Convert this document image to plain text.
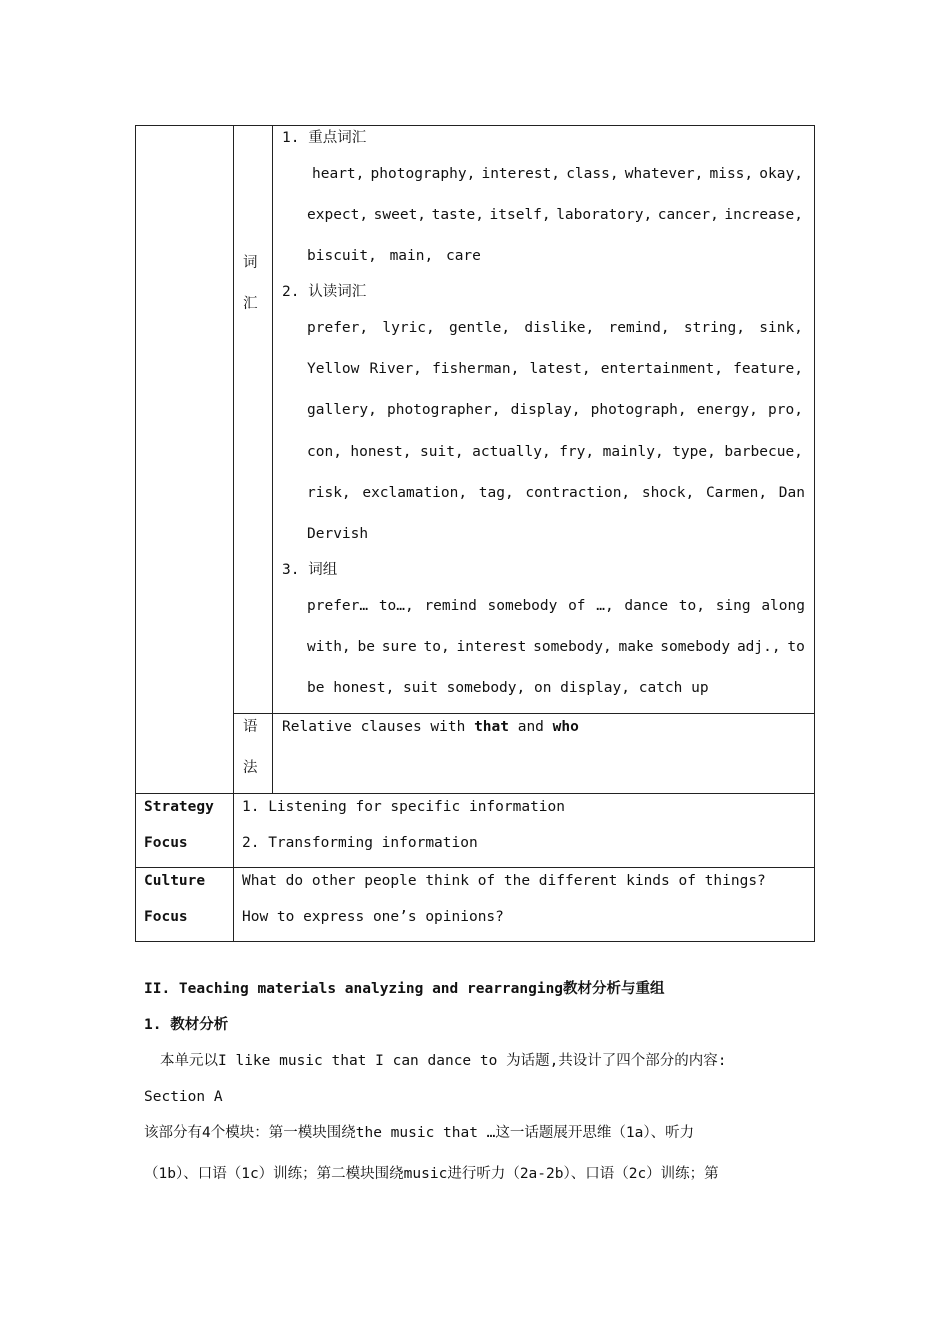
词
汇
1. 重点词汇
heart, photography, interest, class, whatever, miss, okay,
expect, sweet, taste, itself, laboratory, cancer, increase,
biscuit, main, care
2. 认读词汇
prefer, lyric, gentle, dislike, remind, string, sink,
Yellow River, fisherman, latest, entertainment, feature,
gallery, photographer, display, photograph, energy, pro,
con, honest, suit, actually, fry, mainly, type, barbecue,
risk, exclamation, tag, contraction, shock, Carmen, Dan
Dervish
3. 词组
prefer… to…, remind somebody of …, dance to, sing along
with, be sure to, interest somebody, make somebody adj., to
be honest, suit somebody, on display, catch up
语
法
Relative clauses with that and who
Strategy
Focus
1. Listening for specific information
2. Transforming information
Culture
Focus
What do other people think of the different kinds of things?
How to express one’s opinions?
II. Teaching materials analyzing and rearranging教材分析与重组
1. 教材分析
本单元以I like music that I can dance to 为话题,共设计了四个部分的内容:
Section A
该部分有4个模块：第一模块围绕the music that …这一话题展开思维（1a）、听力
（1b）、口语（1c）训练；第二模块围绕music进行听力（2a-2b）、口语（2c）训练；第
